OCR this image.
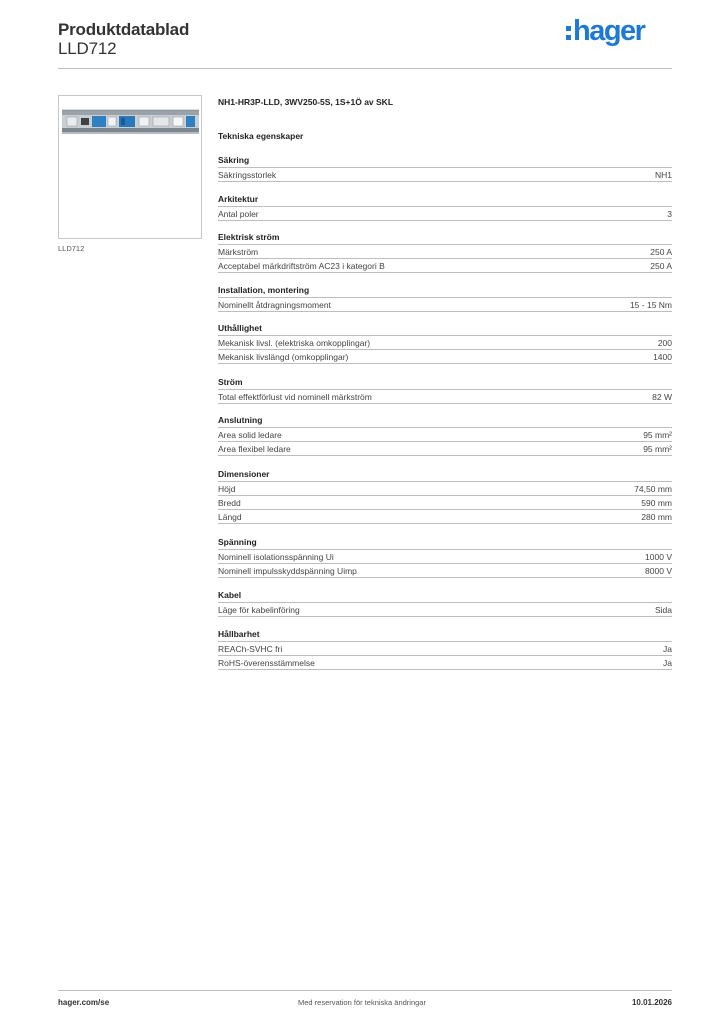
Produktdatablad
LLD712
hager
LLD712
NH1-HR3P-LLD, 3WV250-5S, 1S+1Ö av SKL
Tekniska egenskaper
Säkring
Säkringsstorlek	NH1
Arkitektur
Antal poler	3
Elektrisk ström
Märkström	250 A
Acceptabel märkdriftström AC23 i kategori B	250 A
Installation, montering
Nominellt åtdragningsmoment	15 - 15 Nm
Uthållighet
Mekanisk livsl. (elektriska omkopplingar)	200
Mekanisk livslängd (omkopplingar)	1400
Ström
Total effektförlust vid nominell märkström	82 W
Anslutning
Area solid ledare	95 mm²
Area flexibel ledare	95 mm²
Dimensioner
Höjd	74,50 mm
Bredd	590 mm
Längd	280 mm
Spänning
Nominell isolationsspänning Ui	1000 V
Nominell impulsskyddspänning Uimp	8000 V
Kabel
Läge för kabelinföring	Sida
Hållbarhet
REACh-SVHC fri	Ja
RoHS-överensstämmelse	Ja
hager.com/se	Med reservation för tekniska ändringar	10.01.2026
